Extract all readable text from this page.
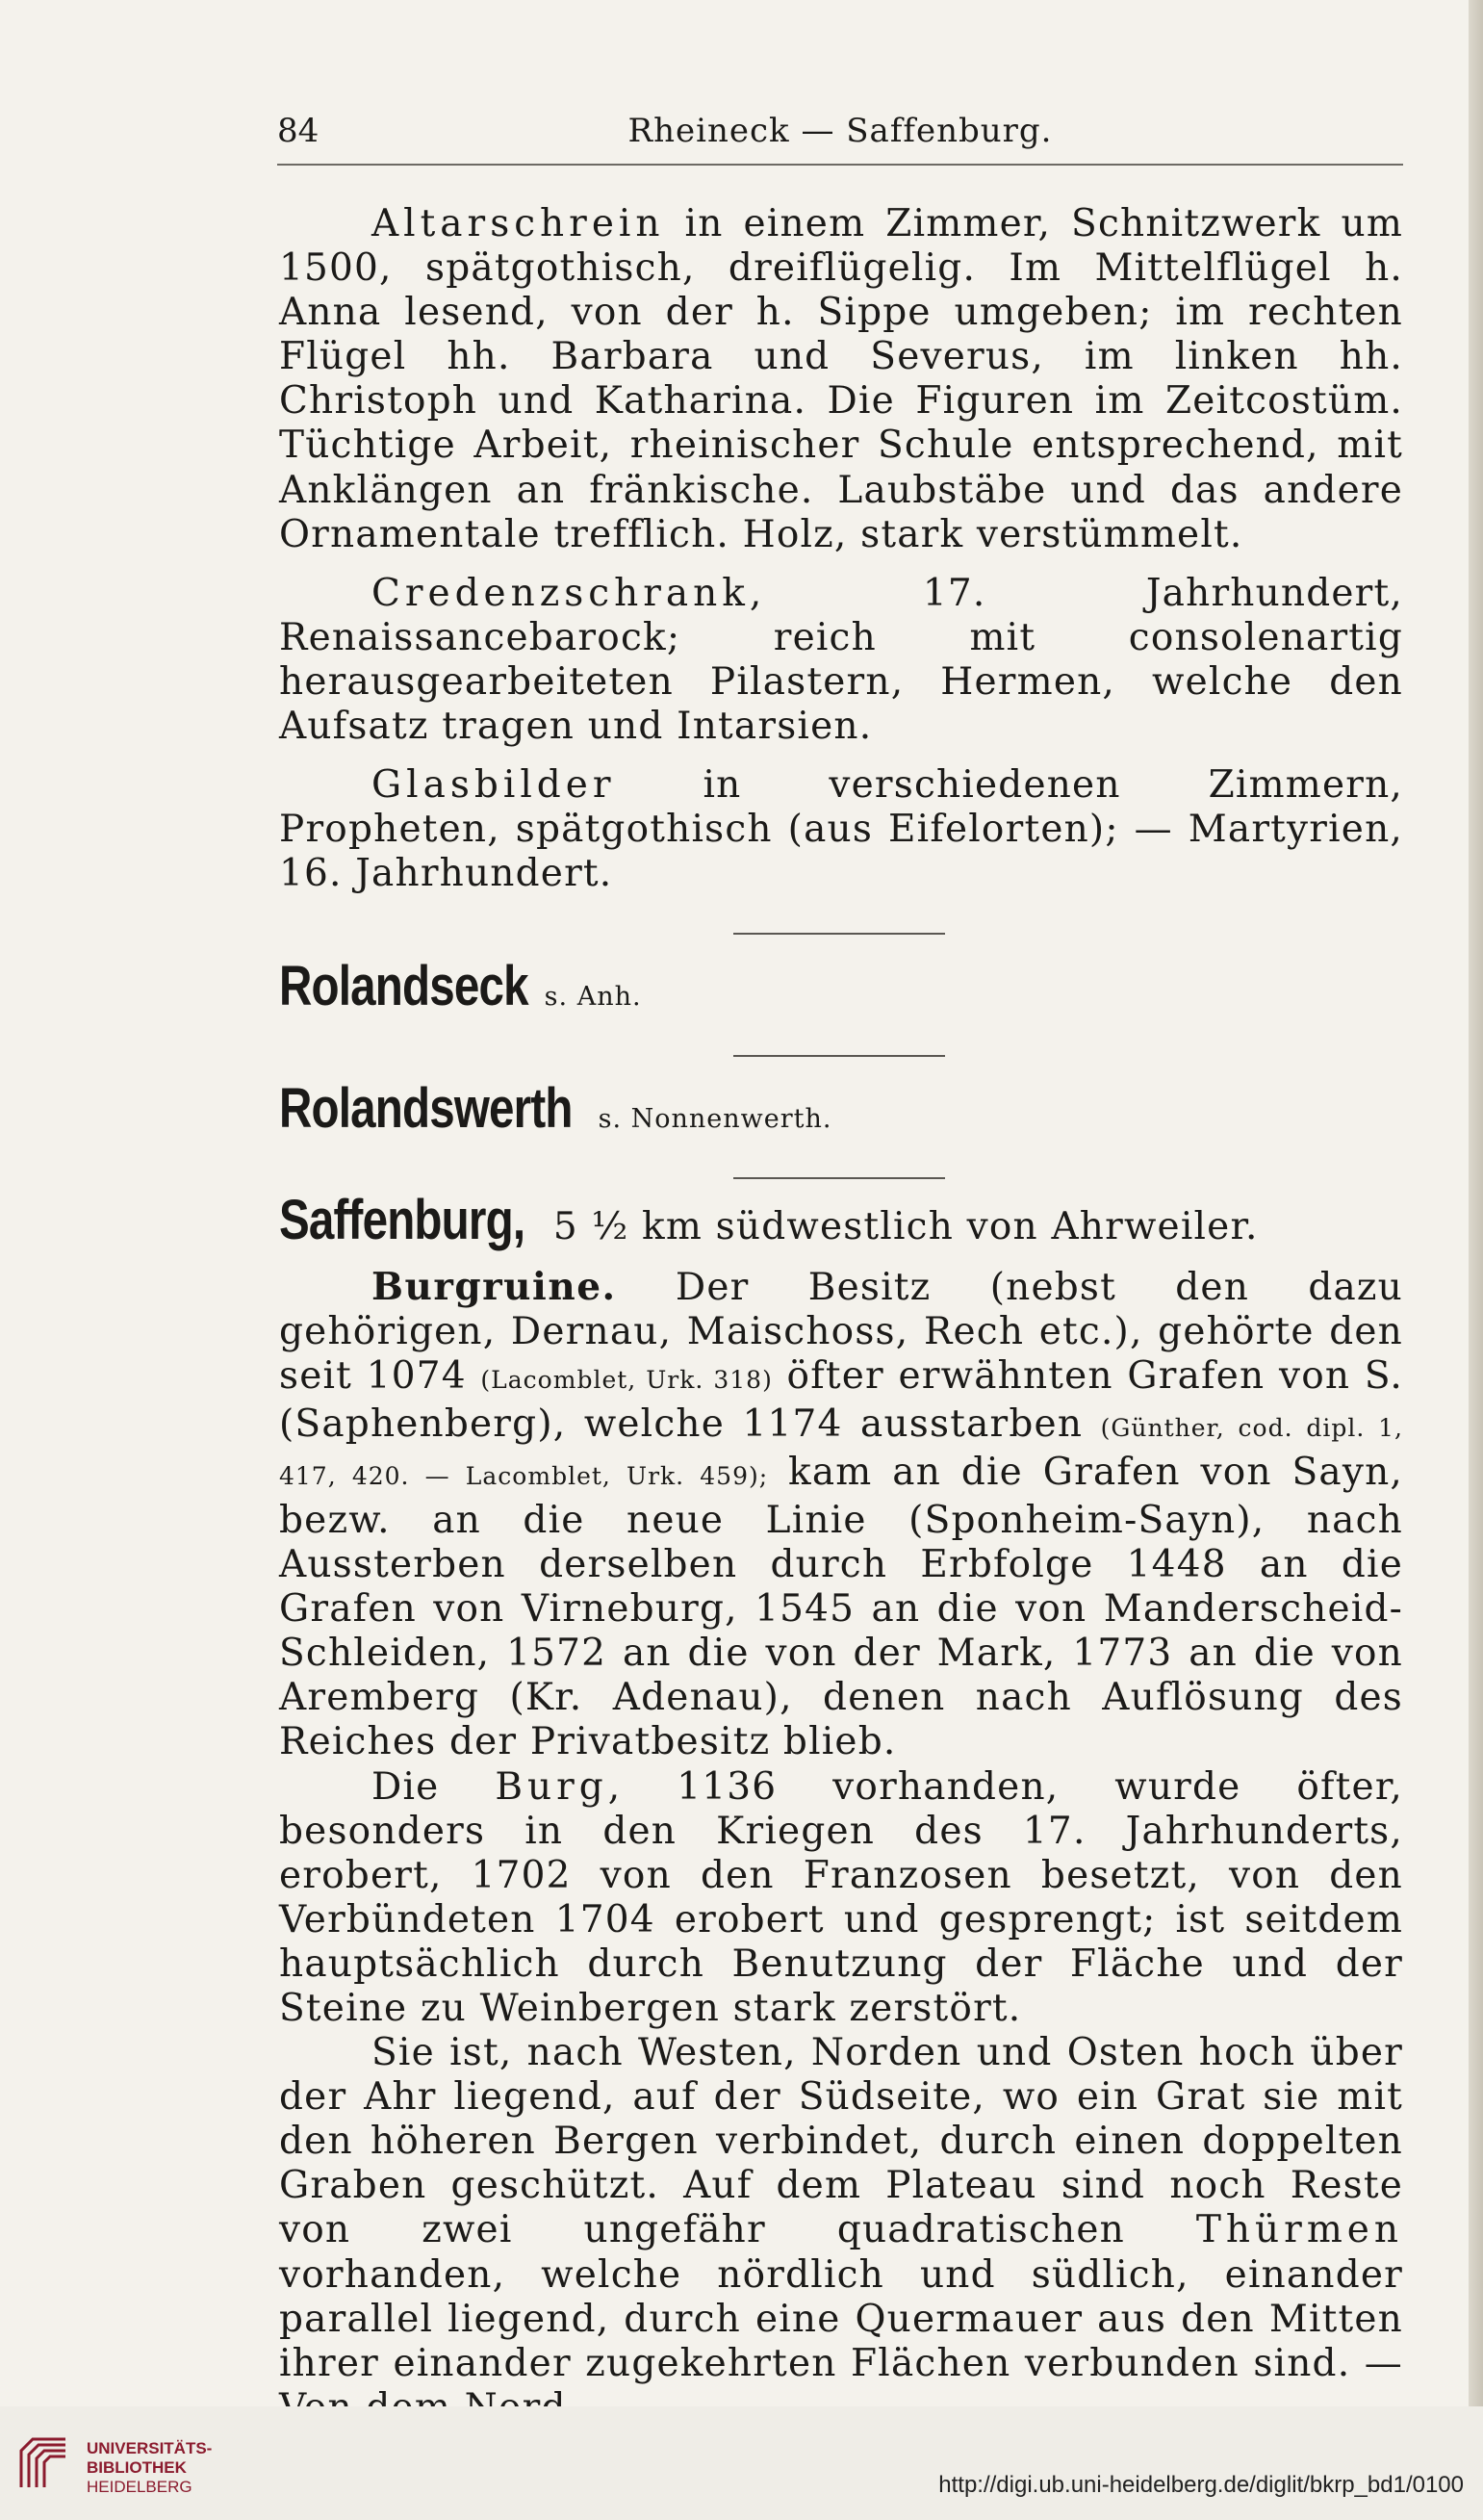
84	Rheineck — Saffenburg.

Altarschrein in einem Zimmer, Schnitzwerk um 1500, spätgothisch, dreiflügelig. Im Mittelflügel h. Anna lesend, von der h. Sippe umgeben; im rechten Flügel hh. Barbara und Severus, im linken hh. Christoph und Katharina. Die Figuren im Zeitcostüm. Tüchtige Arbeit, rheinischer Schule entsprechend, mit Anklängen an fränkische. Laubstäbe und das andere Ornamentale trefflich. Holz, stark verstümmelt.

Credenzschrank, 17. Jahrhundert, Renaissancebarock; reich mit consolenartig herausgearbeiteten Pilastern, Hermen, welche den Aufsatz tragen und Intarsien.

Glasbilder in verschiedenen Zimmern, Propheten, spätgothisch (aus Eifelorten); — Martyrien, 16. Jahrhundert.

Rolandseck s. Anh.
Rolandswerth s. Nonnenwerth.

Saffenburg, 5 ½ km südwestlich von Ahrweiler.

Burgruine. Der Besitz (nebst den dazu gehörigen, Dernau, Maischoss, Rech etc.), gehörte den seit 1074 (Lacomblet, Urk. 318) öfter erwähnten Grafen von S. (Saphenberg), welche 1174 ausstarben (Günther, cod. dipl. 1, 417, 420. — Lacomblet, Urk. 459); kam an die Grafen von Sayn, bezw. an die neue Linie (Sponheim-Sayn), nach Aussterben derselben durch Erbfolge 1448 an die Grafen von Virneburg, 1545 an die von Manderscheid-Schleiden, 1572 an die von der Mark, 1773 an die von Aremberg (Kr. Adenau), denen nach Auflösung des Reiches der Privatbesitz blieb.

Die Burg, 1136 vorhanden, wurde öfter, besonders in den Kriegen des 17. Jahrhunderts, erobert, 1702 von den Franzosen besetzt, von den Verbündeten 1704 erobert und gesprengt; ist seitdem hauptsächlich durch Benutzung der Fläche und der Steine zu Weinbergen stark zerstört.

Sie ist, nach Westen, Norden und Osten hoch über der Ahr liegend, auf der Südseite, wo ein Grat sie mit den höheren Bergen verbindet, durch einen doppelten Graben geschützt. Auf dem Plateau sind noch Reste von zwei ungefähr quadratischen Thürmen vorhanden, welche nördlich und südlich, einander parallel liegend, durch eine Quermauer aus den Mitten ihrer einander zugekehrten Flächen verbunden sind. —

UNIVERSITÄTS-
BIBLIOTHEK
HEIDELBERG	http://digi.ub.uni-heidelberg.de/diglit/bkrp_bd1/0100
